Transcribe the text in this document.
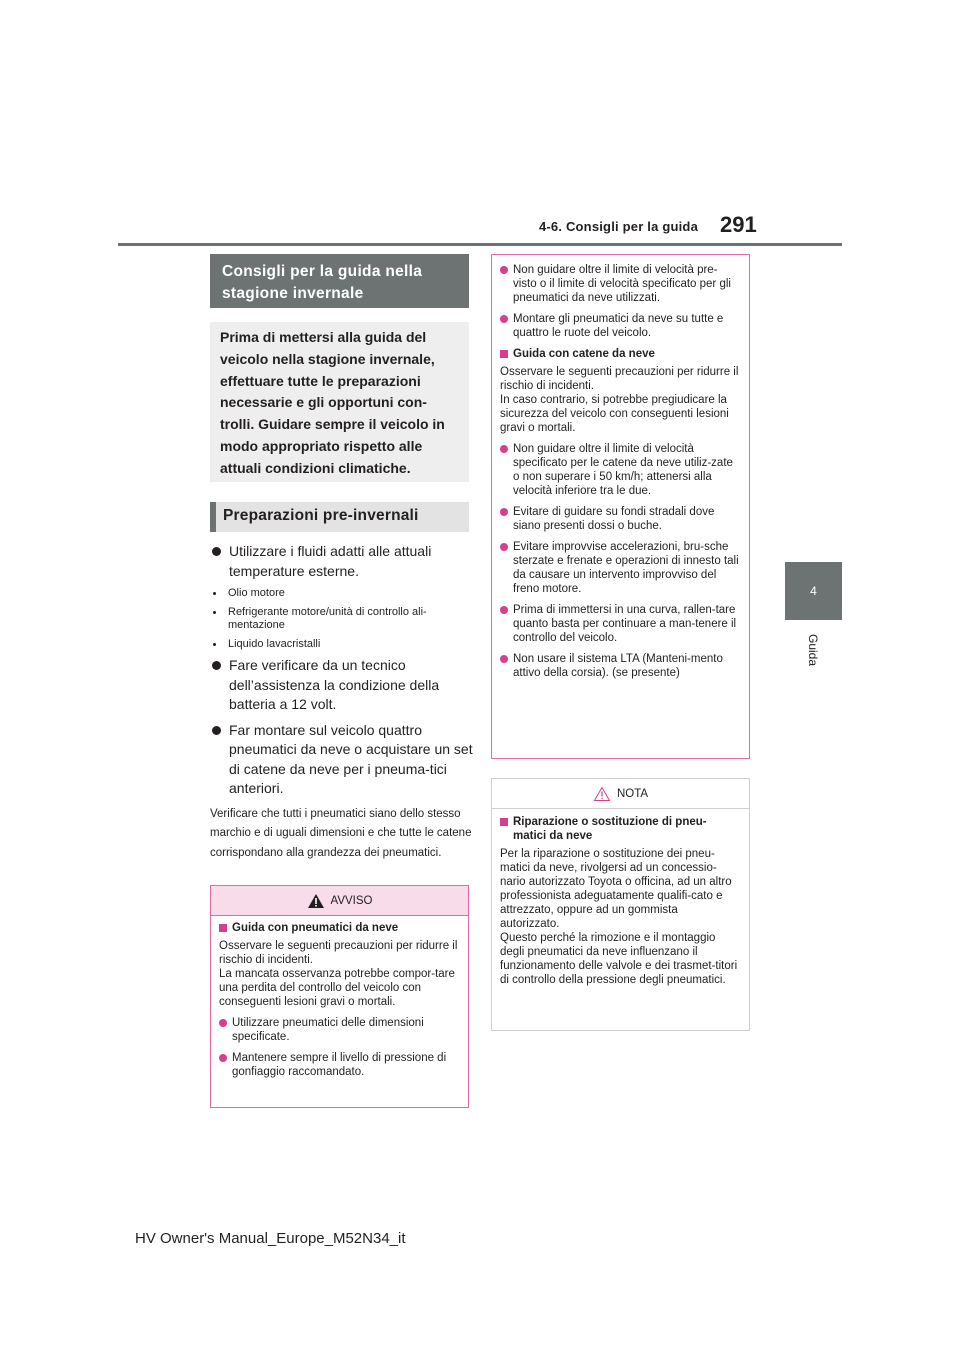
4-6. Consigli per la guida 291
4
Guida
Consigli per la guida nella stagione invernale
Prima di mettersi alla guida del veicolo nella stagione invernale, effettuare tutte le preparazioni necessarie e gli opportuni con-trolli. Guidare sempre il veicolo in modo appropriato rispetto alle attuali condizioni climatiche.
Preparazioni pre-invernali
Utilizzare i fluidi adatti alle attuali temperature esterne.
Olio motore
Refrigerante motore/unità di controllo ali-mentazione
Liquido lavacristalli
Fare verificare da un tecnico dell’assistenza la condizione della batteria a 12 volt.
Far montare sul veicolo quattro pneumatici da neve o acquistare un set di catene da neve per i pneuma-tici anteriori.
Verificare che tutti i pneumatici siano dello stesso marchio e di uguali dimensioni e che tutte le catene corrispondano alla grandezza dei pneumatici.
AVVISO
Guida con pneumatici da neve
Osservare le seguenti precauzioni per ridurre il rischio di incidenti.
La mancata osservanza potrebbe compor-tare una perdita del controllo del veicolo con conseguenti lesioni gravi o mortali.
Utilizzare pneumatici delle dimensioni specificate.
Mantenere sempre il livello di pressione di gonfiaggio raccomandato.
Non guidare oltre il limite di velocità pre-visto o il limite di velocità specificato per gli pneumatici da neve utilizzati.
Montare gli pneumatici da neve su tutte e quattro le ruote del veicolo.
Guida con catene da neve
Osservare le seguenti precauzioni per ridurre il rischio di incidenti.
In caso contrario, si potrebbe pregiudicare la sicurezza del veicolo con conseguenti lesioni gravi o mortali.
Non guidare oltre il limite di velocità specificato per le catene da neve utiliz-zate o non superare i 50 km/h; attenersi alla velocità inferiore tra le due.
Evitare di guidare su fondi stradali dove siano presenti dossi o buche.
Evitare improvvise accelerazioni, bru-sche sterzate e frenate e operazioni di innesto tali da causare un intervento improvviso del freno motore.
Prima di immettersi in una curva, rallen-tare quanto basta per continuare a man-tenere il controllo del veicolo.
Non usare il sistema LTA (Manteni-mento attivo della corsia). (se presente)
NOTA
Riparazione o sostituzione di pneu-matici da neve
Per la riparazione o sostituzione dei pneu-matici da neve, rivolgersi ad un concessio-nario autorizzato Toyota o officina, ad un altro professionista adeguatamente qualifi-cato e attrezzato, oppure ad un gommista autorizzato.
Questo perché la rimozione e il montaggio degli pneumatici da neve influenzano il funzionamento delle valvole e dei trasmet-titori di controllo della pressione degli pneumatici.
HV Owner's Manual_Europe_M52N34_it
